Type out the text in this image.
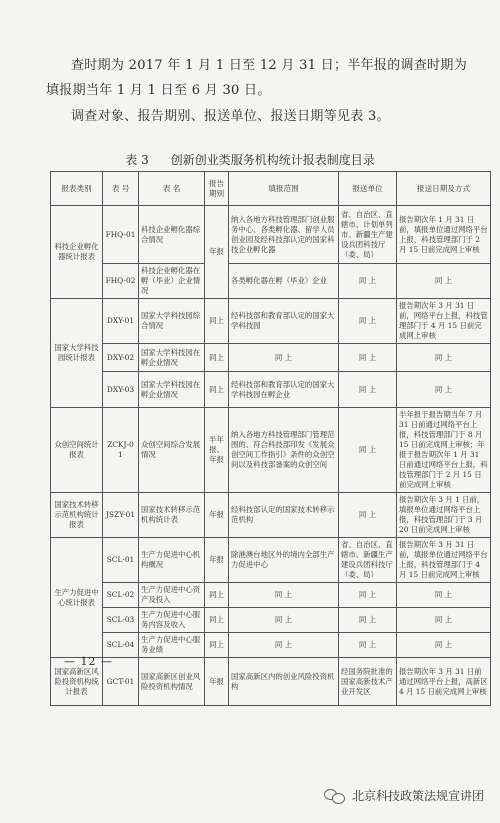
查时期为 2017 年 1 月 1 日至 12 月 31 日；半年报的调查时期为
填报期当年 1 月 1 日至 6 月 30 日。
调查对象、报告期别、报送单位、报送日期等见表 3。
表 3 创新创业类服务机构统计报表制度目录
报表类别	表 号	表 名	报告期别	填报范围	报送单位	报送日期及方式
科技企业孵化器统计报表	FHQ-01	科技企业孵化器综合情况	年报	纳入各地方科技管理部门创业服务中心、各类孵化器、留学人员创业园及经科技部认定的国家科技企业孵化器	省、自治区、直辖市、计划单列市、新疆生产建设兵团科技厅（委、局）	报告期次年 1 月 31 日前，填报单位通过网络平台上报，科技管理部门于 2 月 15 日前完成网上审核
	FHQ-02	科技企业孵化器在孵（毕业）企业情况		各类孵化器在孵（毕业）企业	同 上	同 上
国家大学科技园统计报表	DXY-01	国家大学科技园综合情况	同上	经科技部和教育部认定的国家大学科技园	同 上	报告期次年 3 月 31 日前，网络平台上报，科技管理部门于 4 月 15 日前完成网上审核
	DXY-02	国家大学科技园在孵企业情况	同上	同 上	同 上	同 上
	DXY-03	国家大学科技园在孵企业情况	同上	经科技部和教育部认定的国家大学科技园在孵企业	同 上	同 上
众创空间统计报表	ZCKJ-01	众创空间综合发展情况	半年报、年报	纳入各地方科技管理部门管理范围的、符合科技部印发《发展众创空间工作指引》条件的众创空间以及科技部备案的众创空间	同 上	半年报于报告期当年 7 月 31 日前通过网络平台上报，科技管理部门于 8 月 15 日前完成网上审核；年报于报告期次年 1 月 31 日前通过网络平台上报，科技管理部门于 2 月 15 日前完成网上审核
国家技术转移示范机构统计报表	JSZY-01	国家技术转移示范机构统计表	年报	经科技部认定的国家技术转移示范机构	同 上	报告期次年 3 月 1 日前，填报单位通过网络平台上报，科技管理部门于 3 月 20 日前完成网上审核
生产力促进中心统计报表	SCL-01	生产力促进中心机构概况	年报	除港澳台地区外的境内全部生产力促进中心	省、自治区、直辖市、新疆生产建设兵团科技厅（委、局）	报告期次年 3 月 31 日前，填报单位通过网络平台上报，科技管理部门于 4 月 15 日前完成网上审核
	SCL-02	生产力促进中心资产及投入	同上	同 上	同 上	同 上
	SCL-03	生产力促进中心服务内容及收入	同上	同 上	同 上	同 上
	SCL-04	生产力促进中心服务业绩	同上	同 上	同 上	同 上
国家高新区风险投资机构统计报表	GCT-01	国家高新区创业风险投资机构情况	年报	国家高新区内的创业风险投资机构	经国务院批准的国家高新技术产业开发区	报告期次年 3 月 31 日前通过网络平台上报，高新区 4 月 15 日前完成网上审核
— 12 —
北京科技政策法规宣讲团
